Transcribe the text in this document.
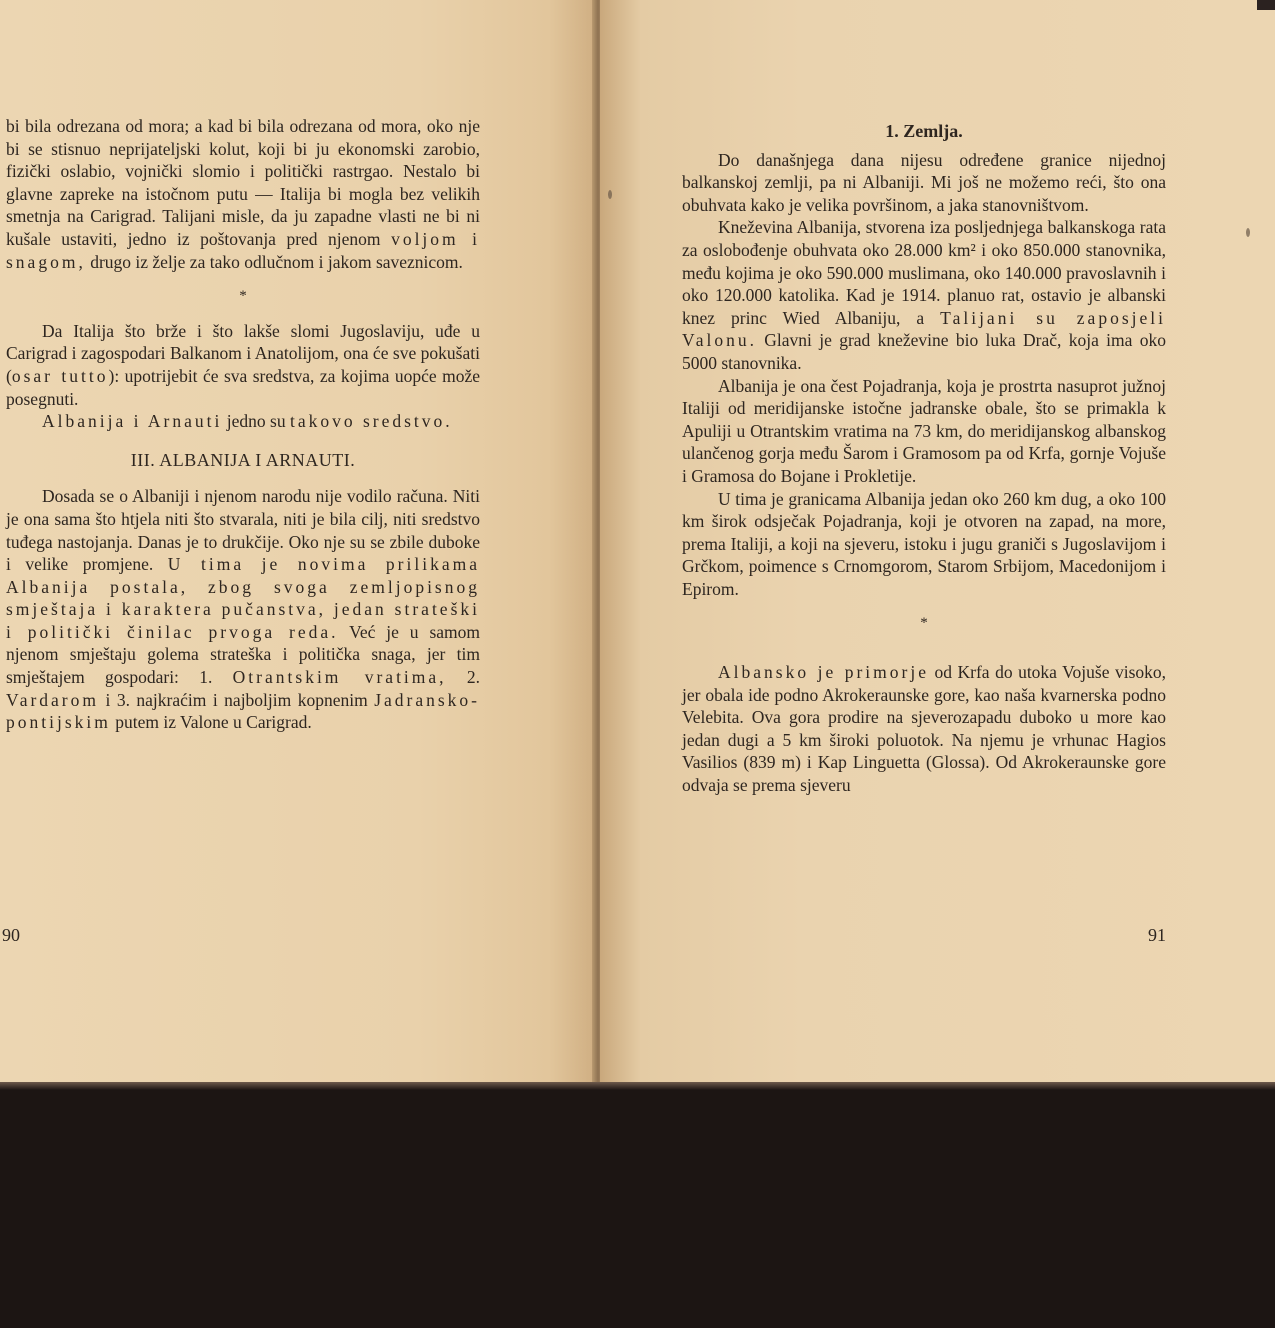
bi bila odrezana od mora; a kad bi bila odrezana od mora, oko nje bi se stisnuo neprijateljski kolut, koji bi ju ekonomski zarobio, fizički oslabio, vojnički slomio i politički rastrgao. Nestalo bi glavne zapreke na istočnom putu — Italija bi mogla bez velikih smetnja na Carigrad. Talijani misle, da ju zapadne vlasti ne bi ni kušale ustaviti, jedno iz poštovanja pred njenom voljom i snagom, drugo iz želje za tako odlučnom i jakom saveznicom.

*

Da Italija što brže i što lakše slomi Jugoslaviju, uđe u Carigrad i zagospodari Balkanom i Anatolijom, ona će sve pokušati (osar tutto): upotrijebit će sva sredstva, za kojima uopće može posegnuti.

Albanija i Arnauti jedno su takovo sredstvo.

III. ALBANIJA I ARNAUTI.

Dosada se o Albaniji i njenom narodu nije vodilo računa. Niti je ona sama što htjela niti što stvarala, niti je bila cilj, niti sredstvo tuđega nastojanja. Danas je to drukčije. Oko nje su se zbile duboke i velike promjene. U tima je novima prilikama Albanija postala, zbog svoga zemljopisnog smještaja i karaktera pučanstva, jedan strateški i politički činilac prvoga reda. Već je u samom njenom smještaju golema strateška i politička snaga, jer tim smještajem gospodari: 1. Otrantskim vratima, 2. Vardarom i 3. najkraćim i najboljim kopnenim Jadransko-pontijskim putem iz Valone u Carigrad.

90
1. Zemlja.

Do današnjega dana nijesu određene granice nijednoj balkanskoj zemlji, pa ni Albaniji. Mi još ne možemo reći, što ona obuhvata kako je velika površinom, a jaka stanovništvom.

Kneževina Albanija, stvorena iza posljednjega balkanskoga rata za oslobođenje obuhvata oko 28.000 km² i oko 850.000 stanovnika, među kojima je oko 590.000 muslimana, oko 140.000 pravoslavnih i oko 120.000 katolika. Kad je 1914. planuo rat, ostavio je albanski knez princ Wied Albaniju, a Talijani su zaposjeli Valonu. Glavni je grad kneževine bio luka Drač, koja ima oko 5000 stanovnika.

Albanija je ona čest Pojadranja, koja je prostrta nasuprot južnoj Italiji od meridijanske istočne jadranske obale, što se primakla k Apuliji u Otrantskim vratima na 73 km, do meridijanskog albanskog ulančenog gorja među Šarom i Gramosom pa od Krfa, gornje Vojuše i Gramosa do Bojane i Prokletije.

U tima je granicama Albanija jedan oko 260 km dug, a oko 100 km širok odsječak Pojadranja, koji je otvoren na zapad, na more, prema Italiji, a koji na sjeveru, istoku i jugu graniči s Jugoslavijom i Grčkom, poimence s Crnomgorom, Starom Srbijom, Macedonijom i Epirom.

*

Albansko je primorje od Krfa do utoka Vojuše visoko, jer obala ide podno Akrokeraunske gore, kao naša kvarnerska podno Velebita. Ova gora prodire na sjeverozapadu duboko u more kao jedan dugi a 5 km široki poluotok. Na njemu je vrhunac Hagios Vasilios (839 m) i Kap Linguetta (Glossa). Od Akrokeraunske gore odvaja se prema sjeveru

91
